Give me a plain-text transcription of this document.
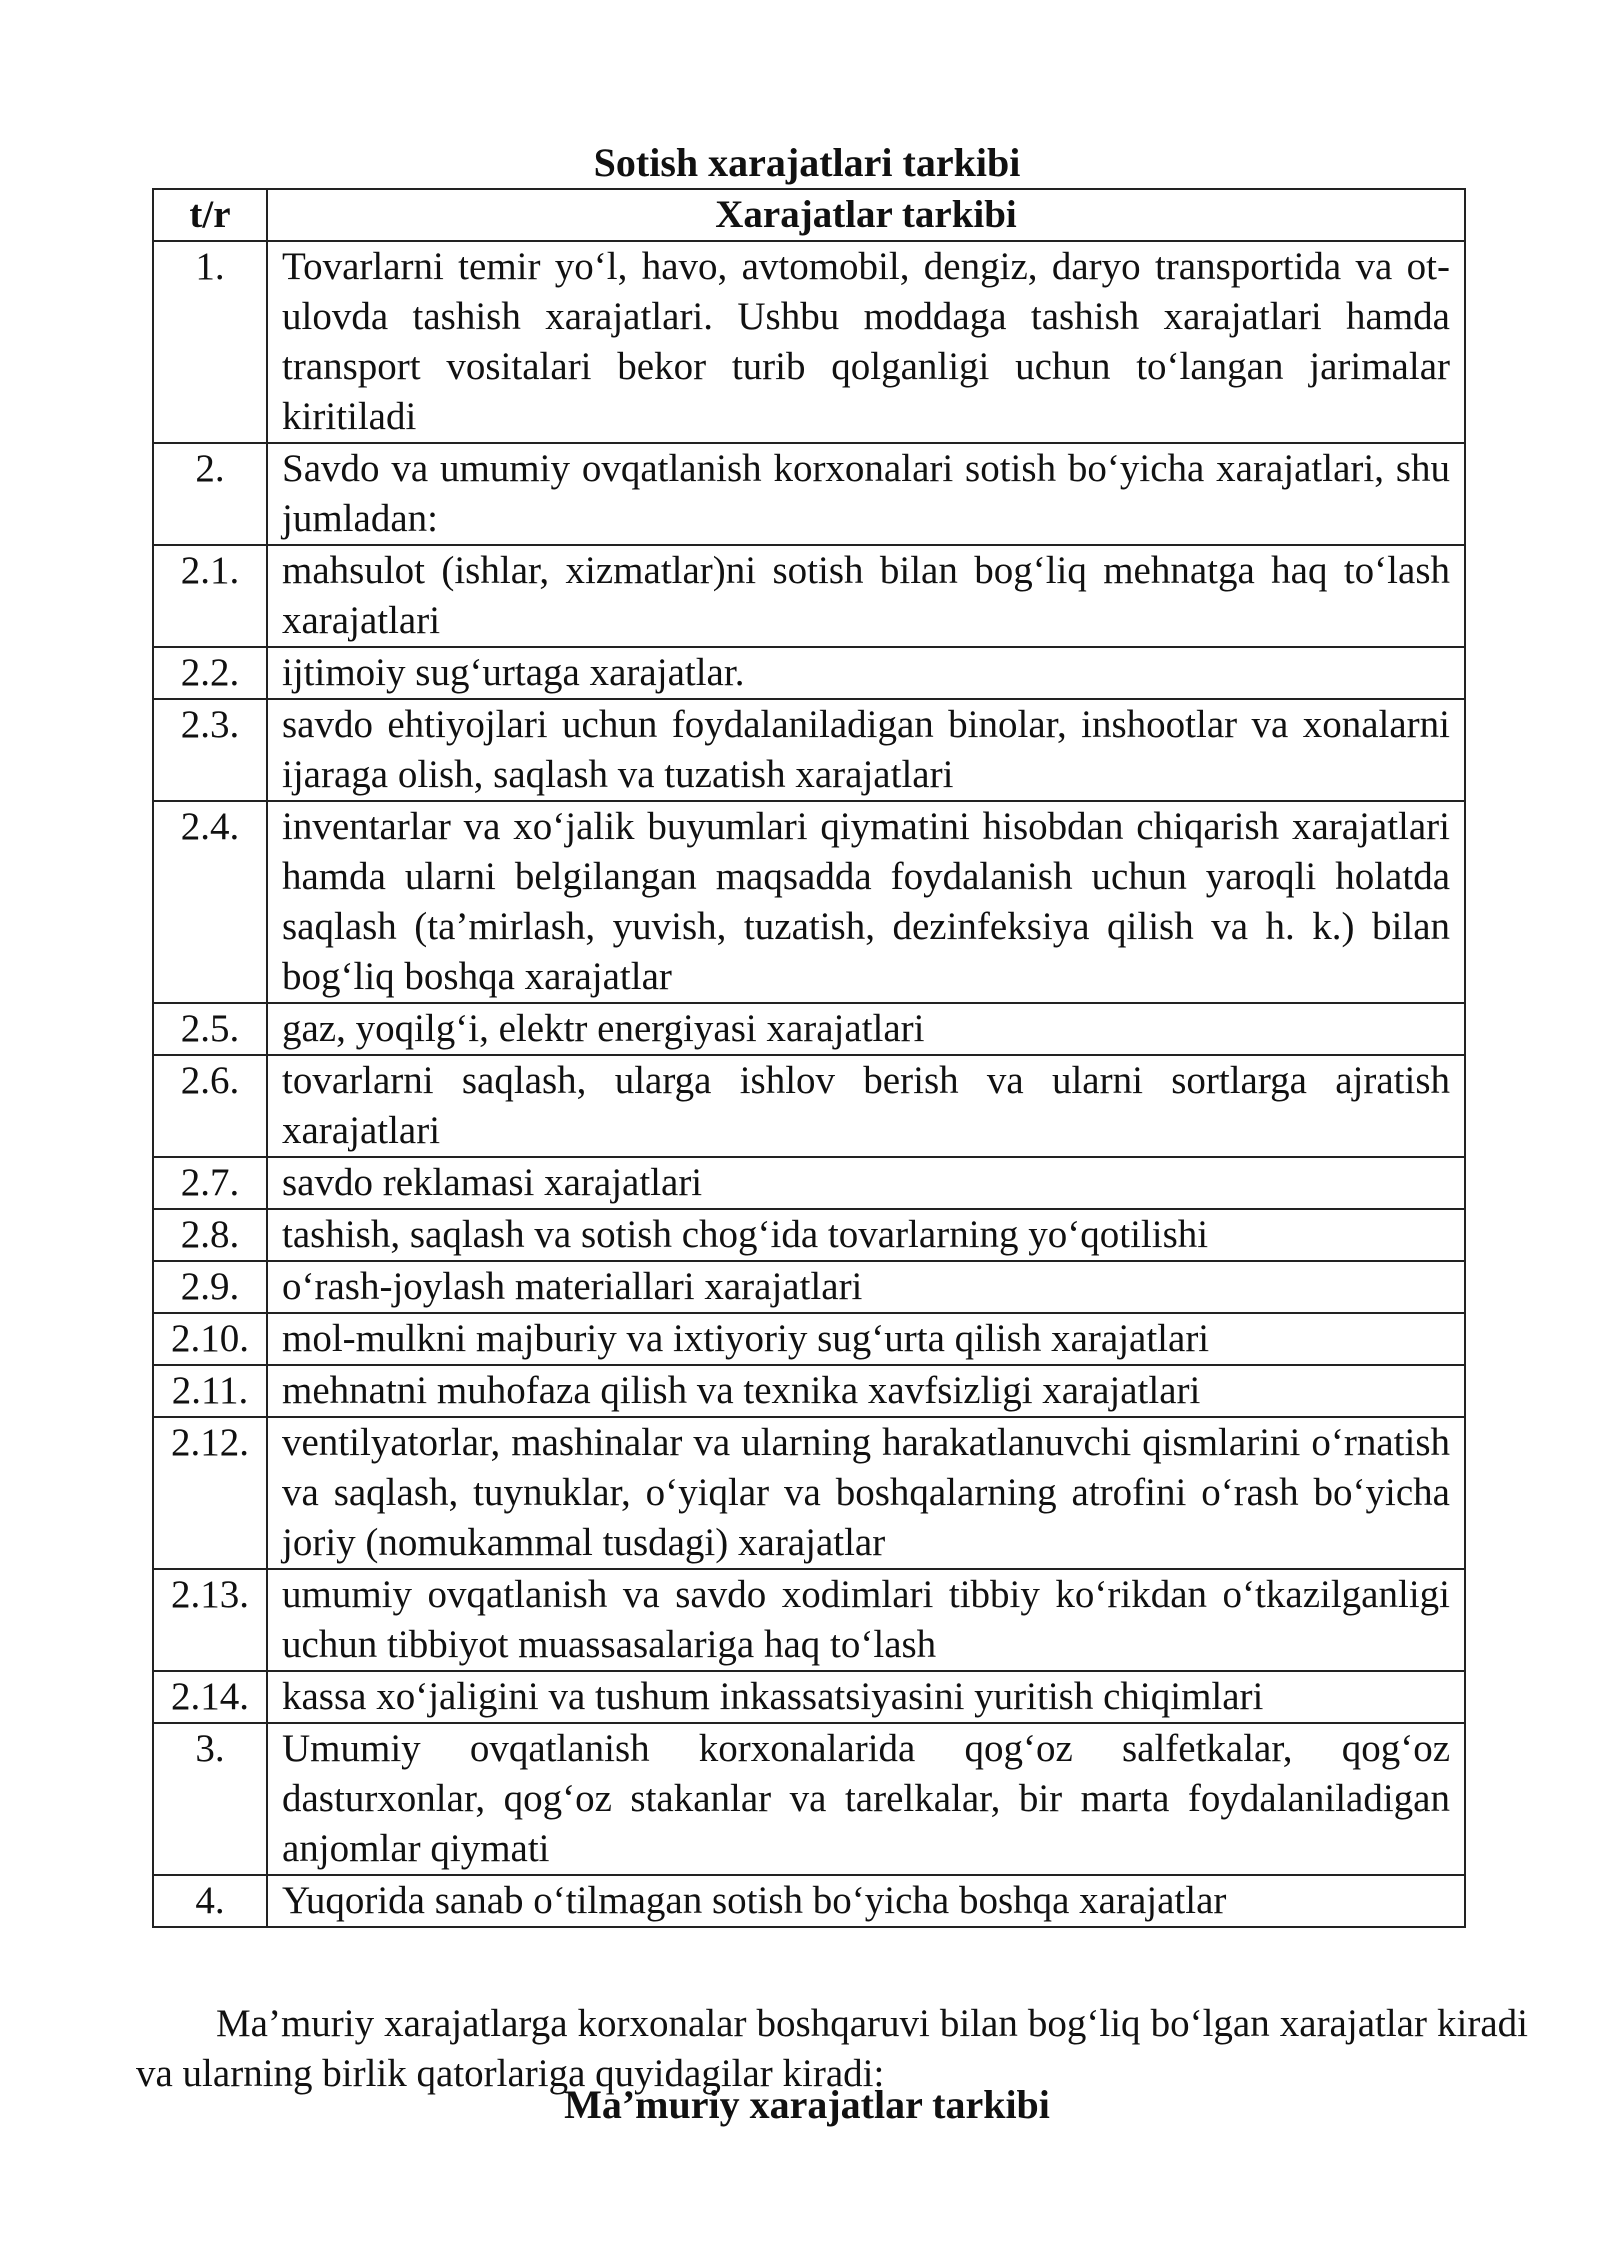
Sotish xarajatlari tarkibi
t/r	Xarajatlar tarkibi
1.	Tovarlarni temir yo‘l, havo, avtomobil, dengiz, daryo transportida va ot-ulovda tashish xarajatlari. Ushbu moddaga tashish xarajatlari hamda transport vositalari bekor turib qolganligi uchun to‘langan jarimalar kiritiladi
2.	Savdo va umumiy ovqatlanish korxonalari sotish bo‘yicha xarajatlari, shu jumladan:
2.1.	mahsulot (ishlar, xizmatlar)ni sotish bilan bog‘liq mehnatga haq to‘lash xarajatlari
2.2.	ijtimoiy sug‘urtaga xarajatlar.
2.3.	savdo ehtiyojlari uchun foydalaniladigan binolar, inshootlar va xonalarni ijaraga olish, saqlash va tuzatish xarajatlari
2.4.	inventarlar va xo‘jalik buyumlari qiymatini hisobdan chiqarish xarajatlari hamda ularni belgilangan maqsadda foydalanish uchun yaroqli holatda saqlash (ta’mirlash, yuvish, tuzatish, dezinfeksiya qilish va h. k.) bilan bog‘liq boshqa xarajatlar
2.5.	gaz, yoqilg‘i, elektr energiyasi xarajatlari
2.6.	tovarlarni saqlash, ularga ishlov berish va ularni sortlarga ajratish xarajatlari
2.7.	savdo reklamasi xarajatlari
2.8.	tashish, saqlash va sotish chog‘ida tovarlarning yo‘qotilishi
2.9.	o‘rash-joylash materiallari xarajatlari
2.10.	mol-mulkni majburiy va ixtiyoriy sug‘urta qilish xarajatlari
2.11.	mehnatni muhofaza qilish va texnika xavfsizligi xarajatlari
2.12.	ventilyatorlar, mashinalar va ularning harakatlanuvchi qismlarini o‘rnatish va saqlash, tuynuklar, o‘yiqlar va boshqalarning atrofini o‘rash bo‘yicha joriy (nomukammal tusdagi) xarajatlar
2.13.	umumiy ovqatlanish va savdo xodimlari tibbiy ko‘rikdan o‘tkazilganligi uchun tibbiyot muassasalariga haq to‘lash
2.14.	kassa xo‘jaligini va tushum inkassatsiyasini yuritish chiqimlari
3.	Umumiy ovqatlanish korxonalarida qog‘oz salfetkalar, qog‘oz dasturxonlar, qog‘oz stakanlar va tarelkalar, bir marta foydalaniladigan anjomlar qiymati
4.	Yuqorida sanab o‘tilmagan sotish bo‘yicha boshqa xarajatlar

Ma’muriy xarajatlarga korxonalar boshqaruvi bilan bog‘liq bo‘lgan xarajatlar kiradi va ularning birlik qatorlariga quyidagilar kiradi:

Ma’muriy xarajatlar tarkibi
